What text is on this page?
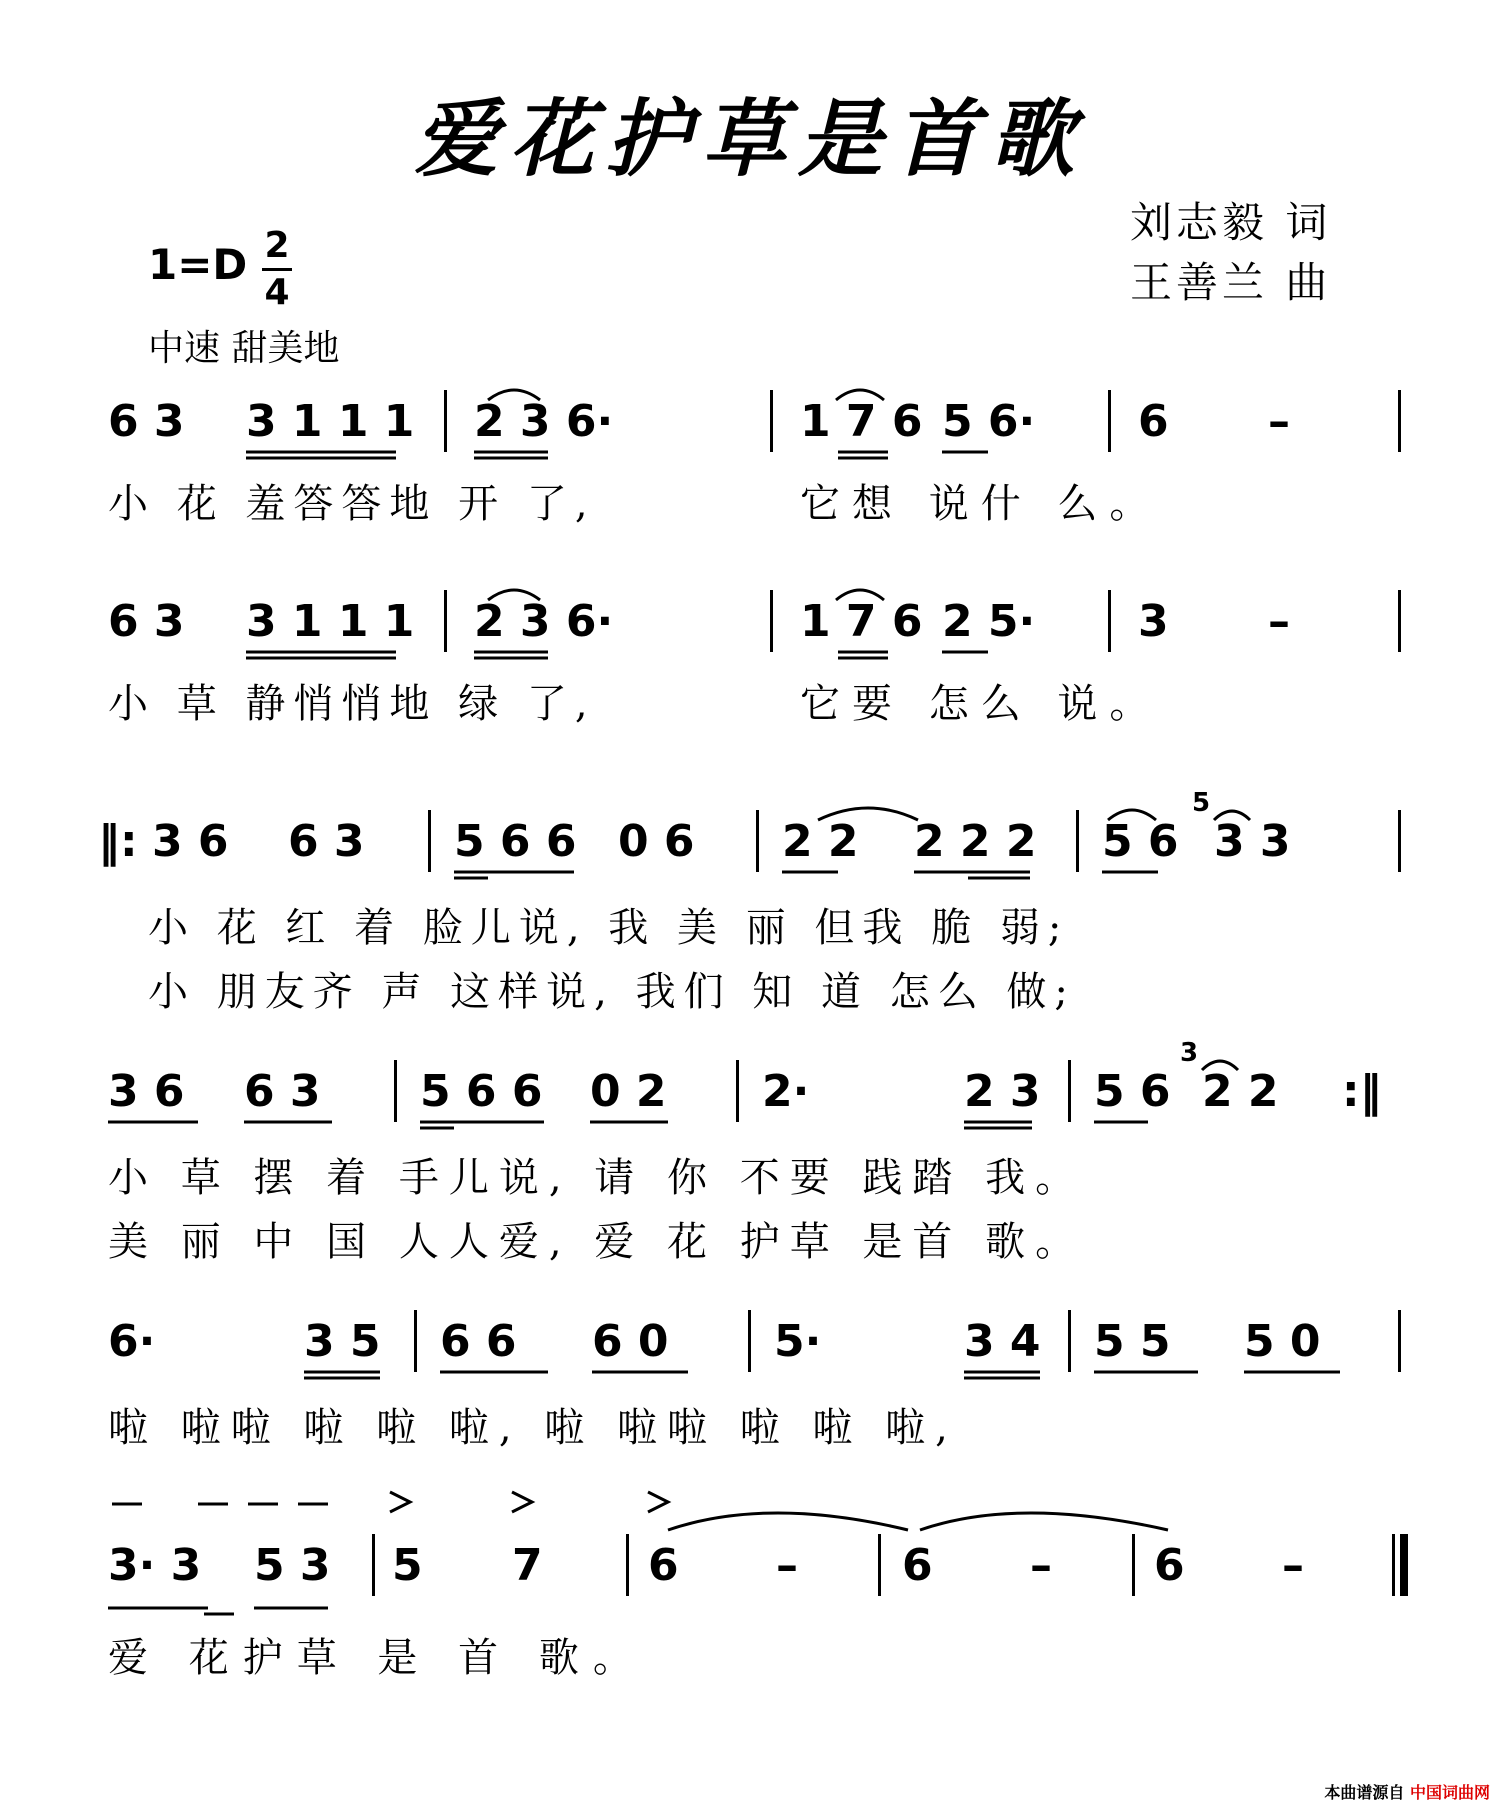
爱花护草是首歌
1=D 2
4
中速 甜美地
刘志毅 词
王善兰 曲
6 3 3 1 1 1 2 3 6·	1 7 6 5 6· 6 –
小 花 羞答答地 开 了,	它想 说什 么。
6 3 3 1 1 1 2 3 6·	1 7 6 2 5· 3 –
小 草 静悄悄地 绿 了,	它要 怎么 说。
‖: 3 6 6 3 5 6 6 0 6 2 2 2 2 2 5 6
5
3 3
小 花 红 着 脸儿说, 我 美 丽 但我 脆 弱;
小 朋友齐 声 这样说, 我们 知 道 怎么 做;
3 6 6 3 5 6 6 0 2 2·	2 3 5 6
3
2 2 :‖
小 草 摆 着 手儿说, 请 你 不要 践踏 我。
美 丽 中 国 人人爱, 爱 花 护草 是首 歌。
6·	3 5 6 6 6 0 5·	3 4 5 5 5 0
啦 啦啦 啦 啦 啦, 啦 啦啦 啦 啦 啦,
3· 3 5 3 5 7 6 – 6 – 6 –
爱 花护草 是 首 歌。
本曲谱源自 中国词曲网
